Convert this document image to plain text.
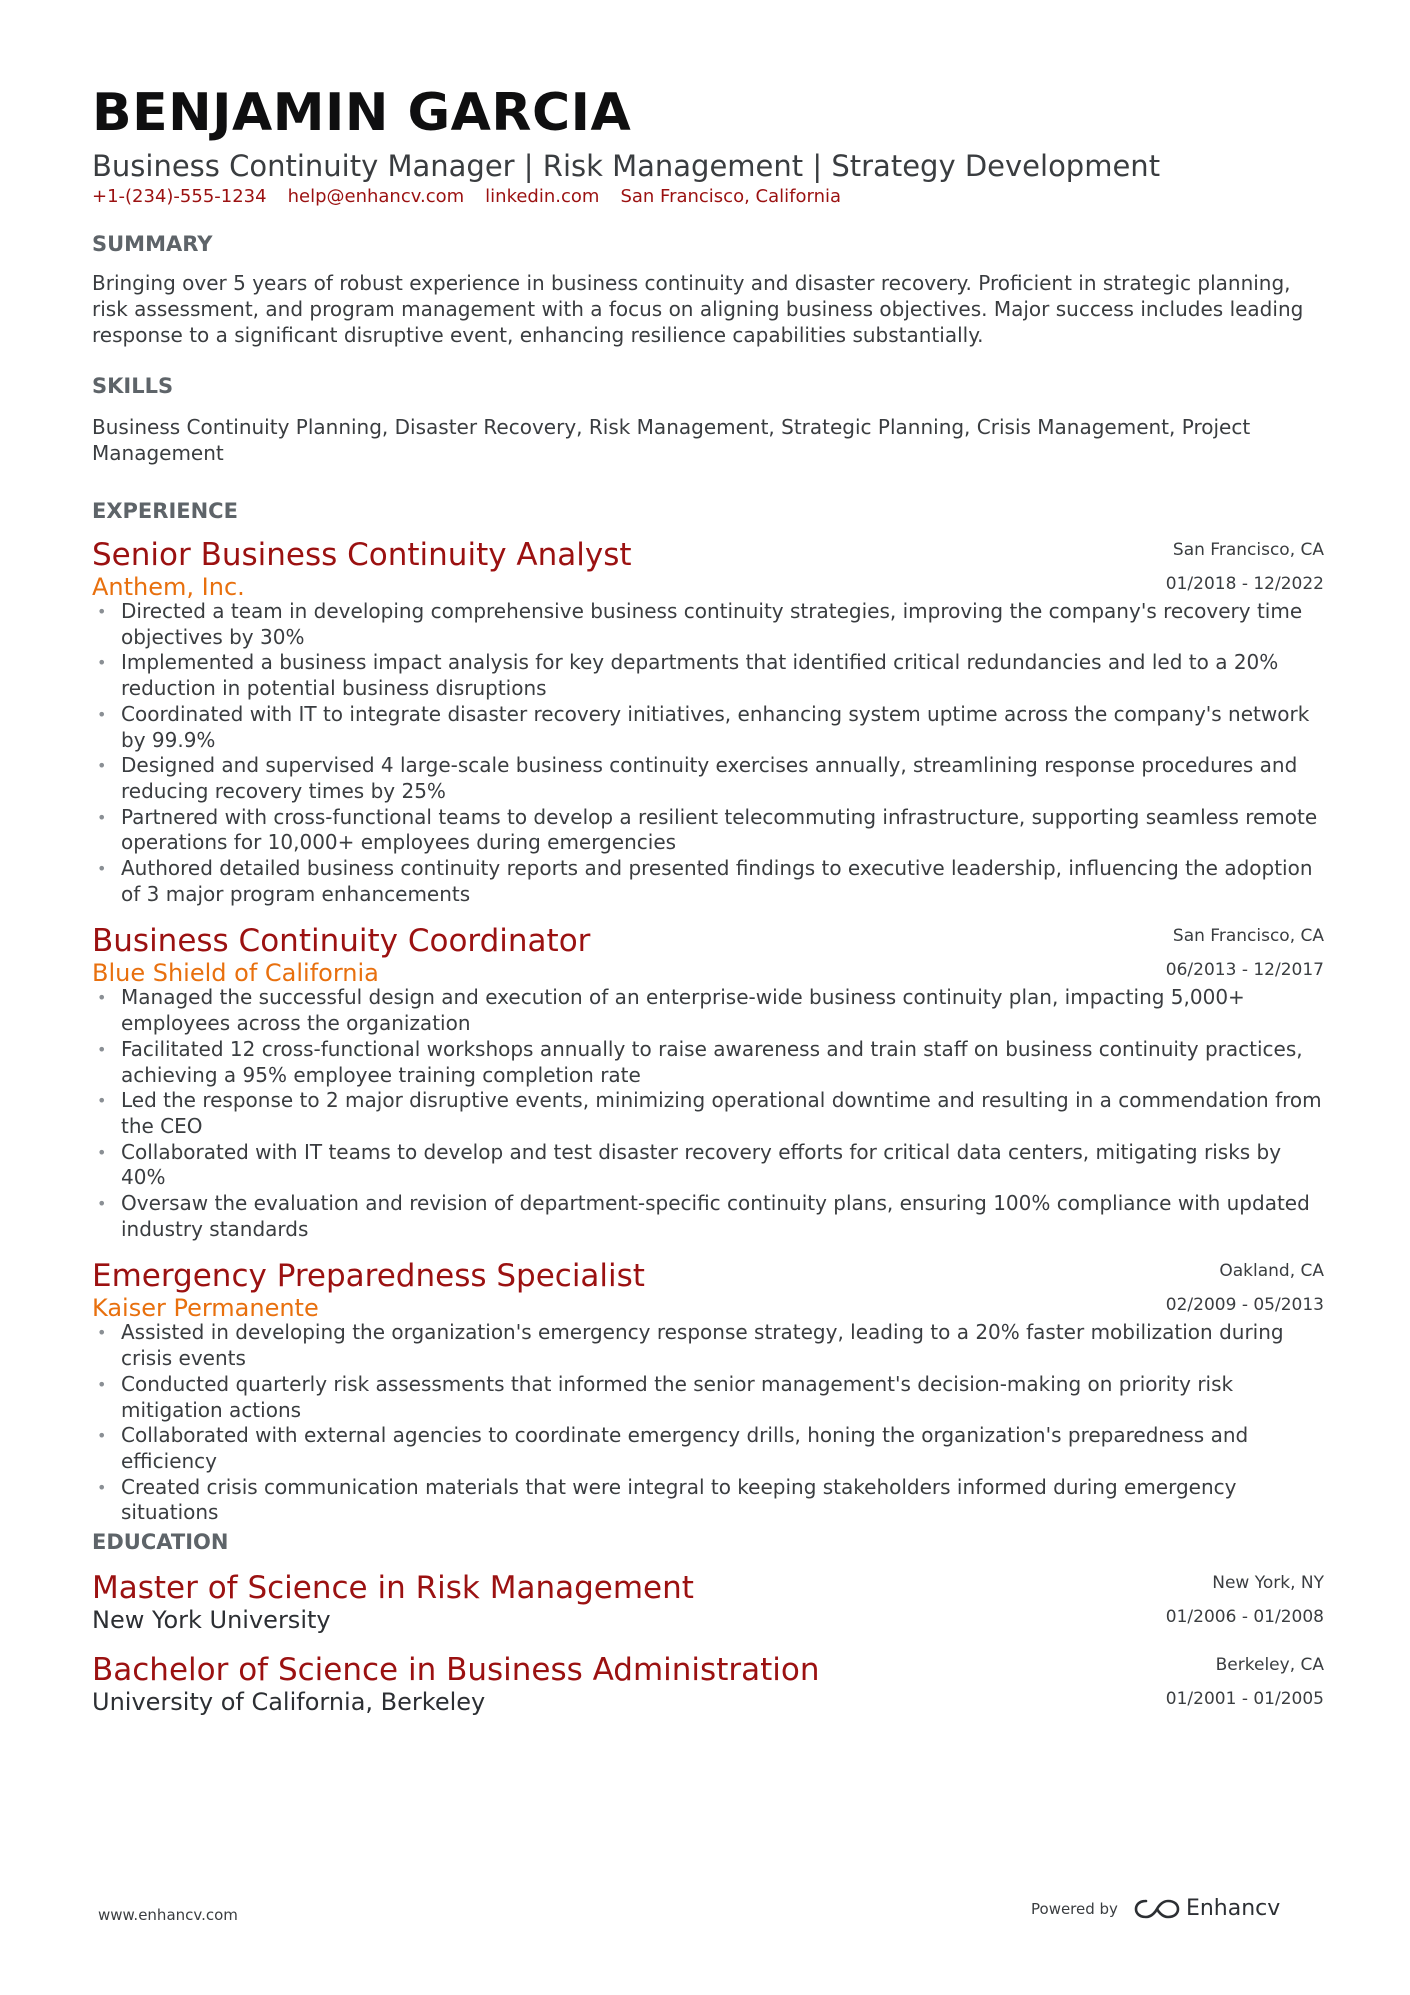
BENJAMIN GARCIA
Business Continuity Manager | Risk Management | Strategy Development
+1-(234)-555-1234 help@enhancv.com linkedin.com San Francisco, California
SUMMARY

Bringing over 5 years of robust experience in business continuity and disaster recovery. Proficient in strategic planning, risk assessment, and program management with a focus on aligning business objectives. Major success includes leading response to a significant disruptive event, enhancing resilience capabilities substantially.

SKILLS

Business Continuity Planning, Disaster Recovery, Risk Management, Strategic Planning, Crisis Management, Project Management

EXPERIENCE
Senior Business Continuity Analyst
Anthem, Inc.
San Francisco, CA
01/2018 - 12/2022
• Directed a team in developing comprehensive business continuity strategies, improving the company's recovery time objectives by 30%
• Implemented a business impact analysis for key departments that identified critical redundancies and led to a 20% reduction in potential business disruptions
• Coordinated with IT to integrate disaster recovery initiatives, enhancing system uptime across the company's network by 99.9%
• Designed and supervised 4 large-scale business continuity exercises annually, streamlining response procedures and reducing recovery times by 25%
• Partnered with cross-functional teams to develop a resilient telecommuting infrastructure, supporting seamless remote operations for 10,000+ employees during emergencies
• Authored detailed business continuity reports and presented findings to executive leadership, influencing the adoption of 3 major program enhancements
Business Continuity Coordinator
Blue Shield of California
San Francisco, CA
06/2013 - 12/2017
• Managed the successful design and execution of an enterprise-wide business continuity plan, impacting 5,000+ employees across the organization
• Facilitated 12 cross-functional workshops annually to raise awareness and train staff on business continuity practices, achieving a 95% employee training completion rate
• Led the response to 2 major disruptive events, minimizing operational downtime and resulting in a commendation from the CEO
• Collaborated with IT teams to develop and test disaster recovery efforts for critical data centers, mitigating risks by 40%
• Oversaw the evaluation and revision of department-specific continuity plans, ensuring 100% compliance with updated industry standards
Emergency Preparedness Specialist
Kaiser Permanente
Oakland, CA
02/2009 - 05/2013
• Assisted in developing the organization's emergency response strategy, leading to a 20% faster mobilization during crisis events
• Conducted quarterly risk assessments that informed the senior management's decision-making on priority risk mitigation actions
• Collaborated with external agencies to coordinate emergency drills, honing the organization's preparedness and efficiency
• Created crisis communication materials that were integral to keeping stakeholders informed during emergency situations
EDUCATION
Master of Science in Risk Management
New York University
New York, NY
01/2006 - 01/2008
Bachelor of Science in Business Administration
University of California, Berkeley
Berkeley, CA
01/2001 - 01/2005
www.enhancv.com	Powered by	Enhancv
